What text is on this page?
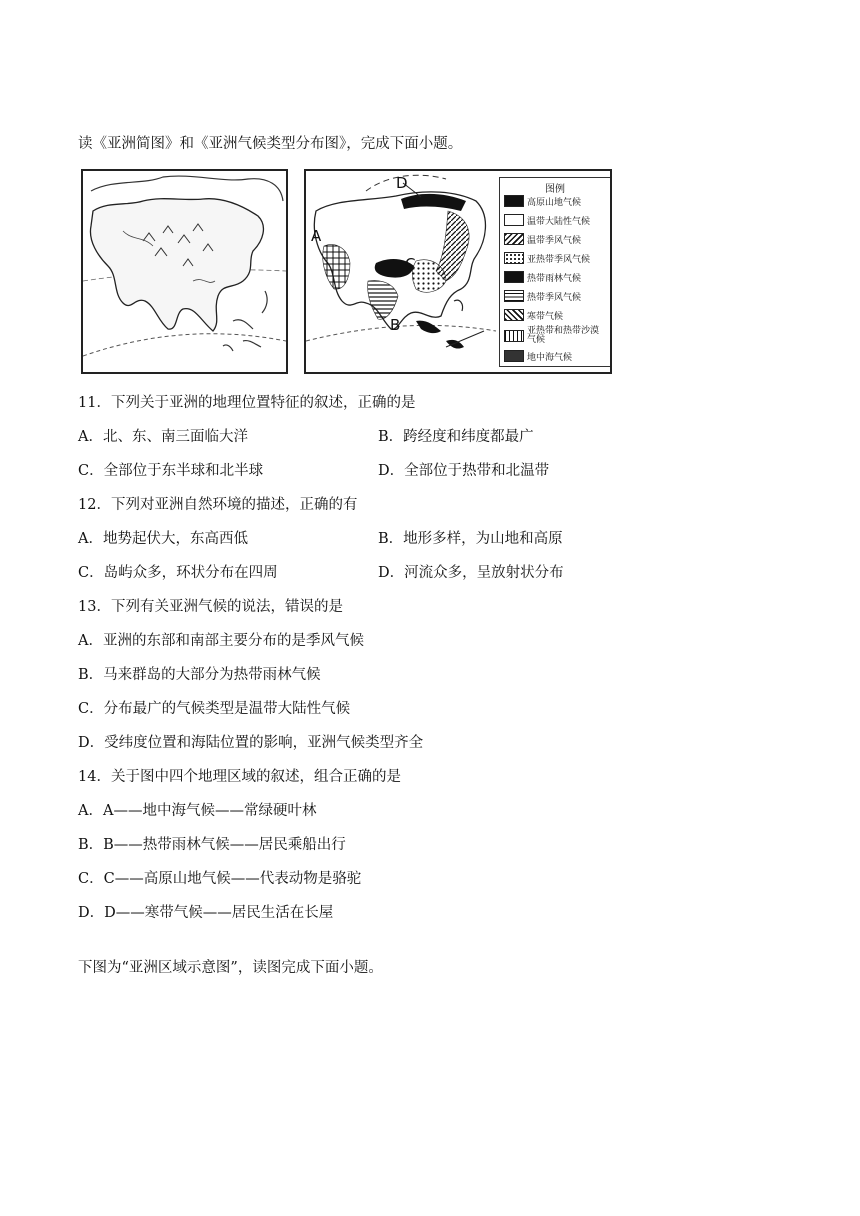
读《亚洲简图》和《亚洲气候类型分布图》，完成下面小题。
D
A
C
B
图例
高原山地气候
温带大陆性气候
温带季风气候
亚热带季风气候
热带雨林气候
热带季风气候
寒带气候
亚热带和热带沙漠气候
地中海气候
11．下列关于亚洲的地理位置特征的叙述，正确的是
A．北、东、南三面临大洋	B．跨经度和纬度都最广
C．全部位于东半球和北半球	D．全部位于热带和北温带
12．下列对亚洲自然环境的描述，正确的有
A．地势起伏大，东高西低	B．地形多样，为山地和高原
C．岛屿众多，环状分布在四周	D．河流众多，呈放射状分布
13．下列有关亚洲气候的说法，错误的是
A．亚洲的东部和南部主要分布的是季风气候
B．马来群岛的大部分为热带雨林气候
C．分布最广的气候类型是温带大陆性气候
D．受纬度位置和海陆位置的影响，亚洲气候类型齐全
14．关于图中四个地理区域的叙述，组合正确的是
A．A——地中海气候——常绿硬叶林
B．B——热带雨林气候——居民乘船出行
C．C——高原山地气候——代表动物是骆驼
D．D——寒带气候——居民生活在长屋
下图为“亚洲区域示意图”，读图完成下面小题。
